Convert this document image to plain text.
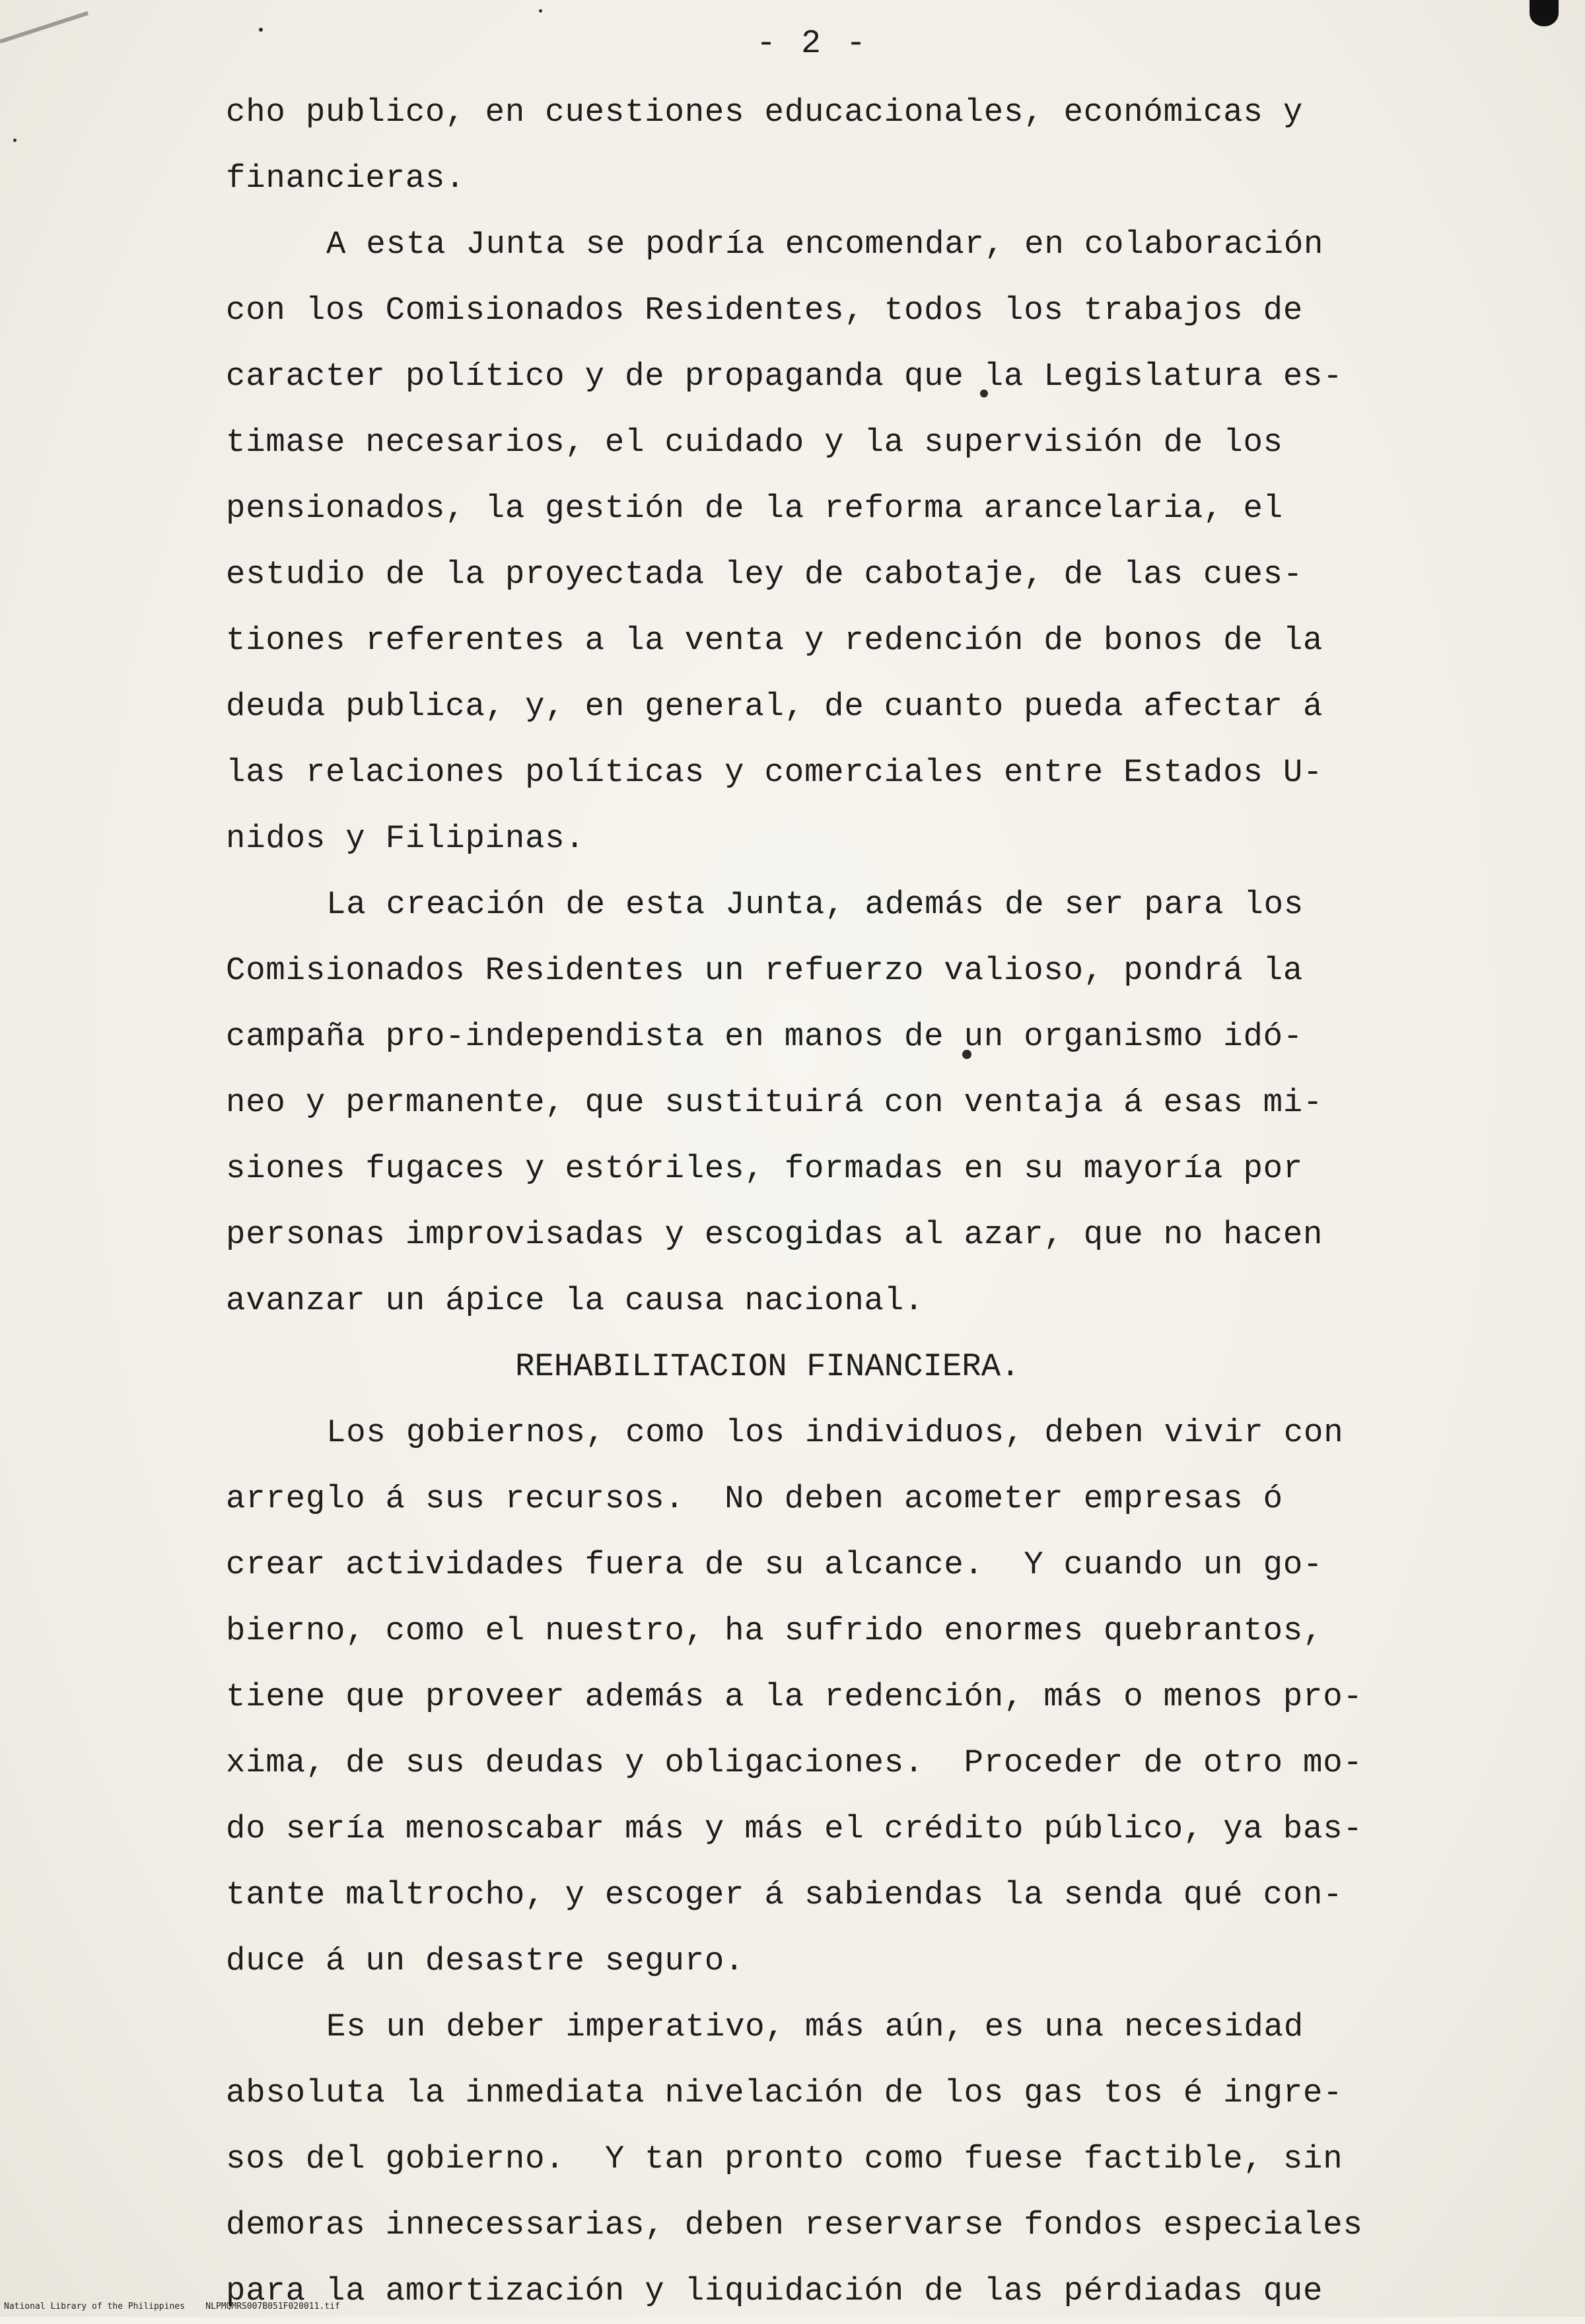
- 2 -
cho publico, en cuestiones educacionales, económicas y
financieras.
A esta Junta se podría encomendar, en colaboración
con los Comisionados Residentes, todos los trabajos de
caracter político y de propaganda que la Legislatura es-
timase necesarios, el cuidado y la supervisión de los
pensionados, la gestión de la reforma arancelaria, el
estudio de la proyectada ley de cabotaje, de las cues-
tiones referentes a la venta y redención de bonos de la
deuda publica, y, en general, de cuanto pueda afectar á
las relaciones políticas y comerciales entre Estados U-
nidos y Filipinas.
La creación de esta Junta, además de ser para los
Comisionados Residentes un refuerzo valioso, pondrá la
campaña pro-independista en manos de un organismo idó-
neo y permanente, que sustituirá con ventaja á esas mi-
siones fugaces y estóriles, formadas en su mayoría por
personas improvisadas y escogidas al azar, que no hacen
avanzar un ápice la causa nacional.
REHABILITACION FINANCIERA.
Los gobiernos, como los individuos, deben vivir con
arreglo á sus recursos.  No deben acometer empresas ó
crear actividades fuera de su alcance.  Y cuando un go-
bierno, como el nuestro, ha sufrido enormes quebrantos,
tiene que proveer además a la redención, más o menos pro-
xima, de sus deudas y obligaciones.  Proceder de otro mo-
do sería menoscabar más y más el crédito público, ya bas-
tante maltrocho, y escoger á sabiendas la senda qué con-
duce á un desastre seguro.
Es un deber imperativo, más aún, es una necesidad
absoluta la inmediata nivelación de los gas tos é ingre-
sos del gobierno.  Y tan pronto como fuese factible, sin
demoras innecessarias, deben reservarse fondos especiales
para la amortización y liquidación de las pérdiadas que
National Library of the Philippines    NLPMQMRS007B051F020011.tif
